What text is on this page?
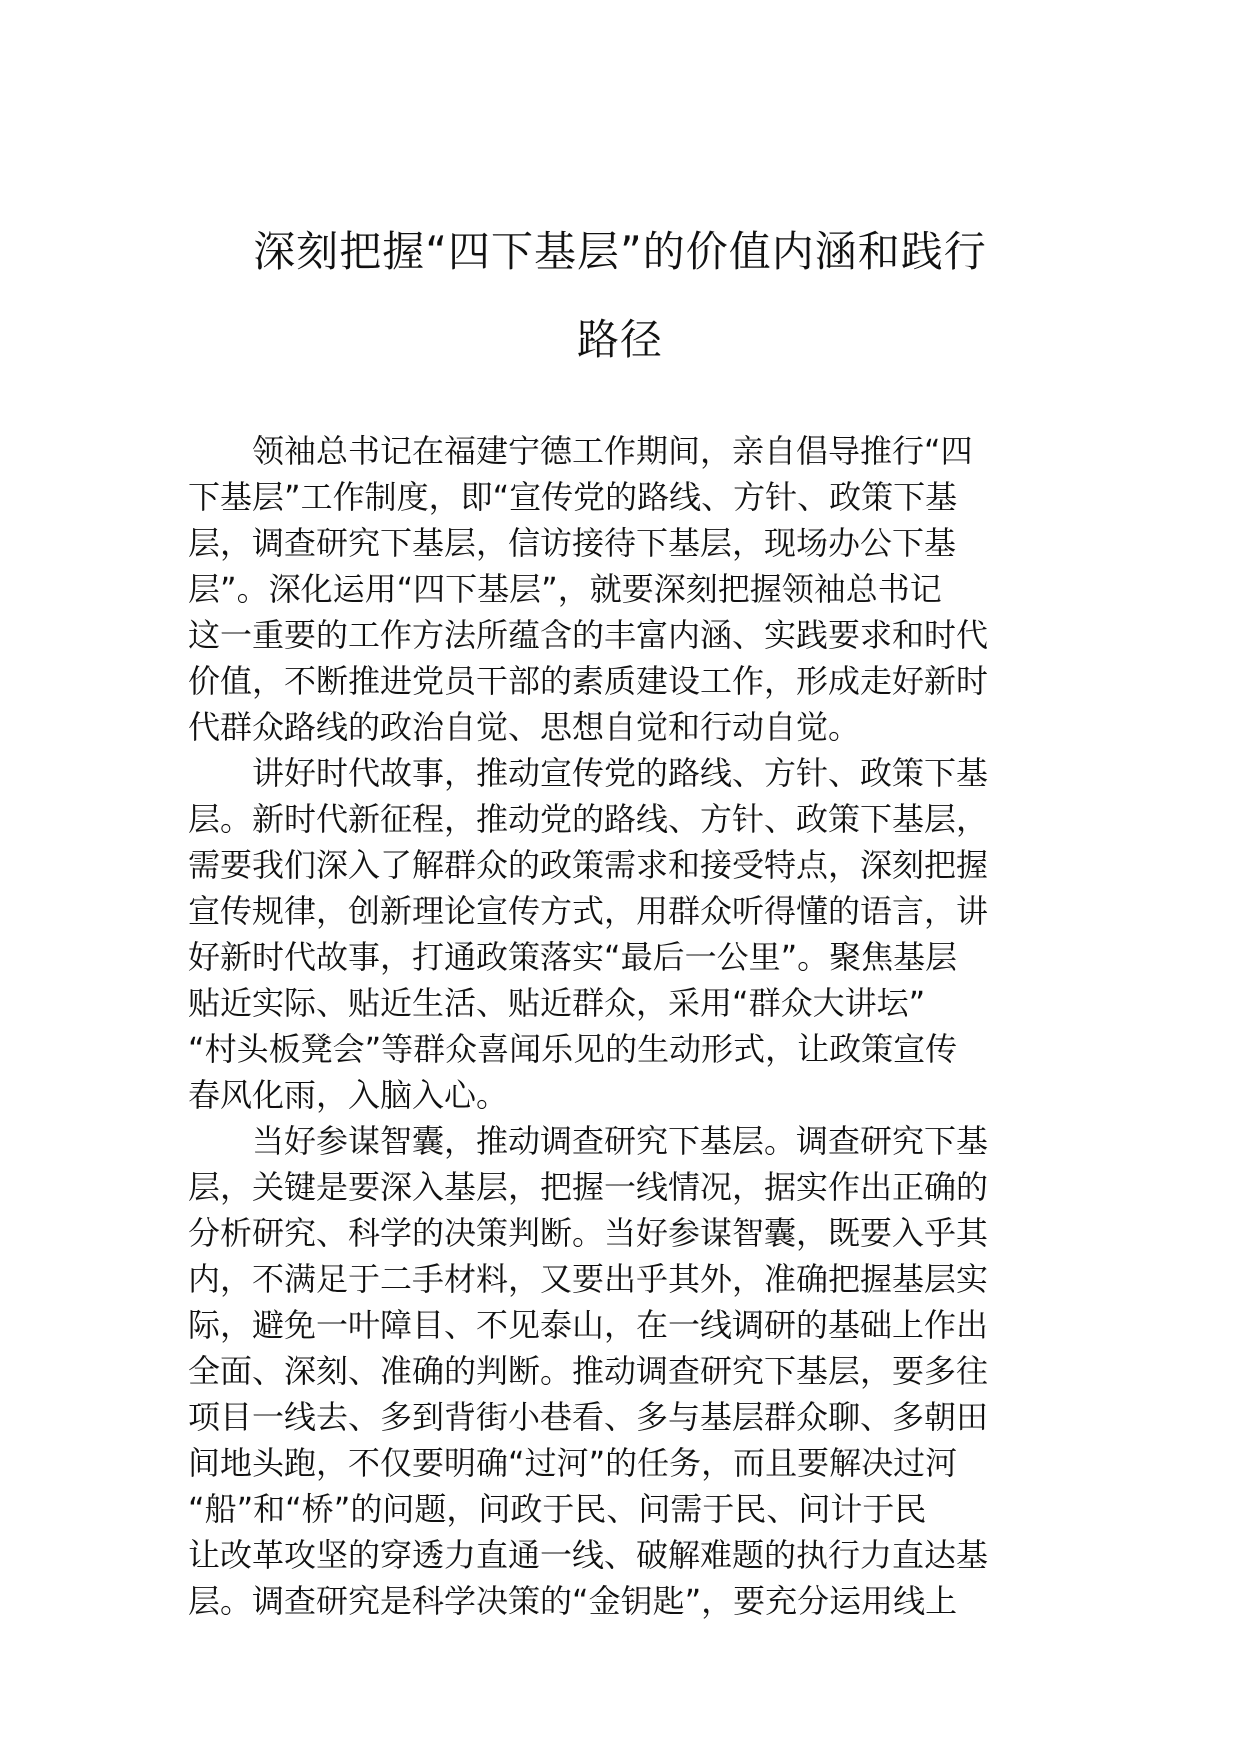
深刻把握“四下基层”的价值内涵和践行
路径

领袖总书记在福建宁德工作期间，亲自倡导推行“四
下基层”工作制度，即“宣传党的路线、方针、政策下基
层，调查研究下基层，信访接待下基层，现场办公下基
层”。深化运用“四下基层”，就要深刻把握领袖总书记
这一重要的工作方法所蕴含的丰富内涵、实践要求和时代
价值，不断推进党员干部的素质建设工作，形成走好新时
代群众路线的政治自觉、思想自觉和行动自觉。

讲好时代故事，推动宣传党的路线、方针、政策下基
层。新时代新征程，推动党的路线、方针、政策下基层，
需要我们深入了解群众的政策需求和接受特点，深刻把握
宣传规律，创新理论宣传方式，用群众听得懂的语言，讲
好新时代故事，打通政策落实“最后一公里”。聚焦基层
贴近实际、贴近生活、贴近群众，采用“群众大讲坛”
“村头板凳会”等群众喜闻乐见的生动形式，让政策宣传
春风化雨，入脑入心。

当好参谋智囊，推动调查研究下基层。调查研究下基
层，关键是要深入基层，把握一线情况，据实作出正确的
分析研究、科学的决策判断。当好参谋智囊，既要入乎其
内，不满足于二手材料，又要出乎其外，准确把握基层实
际，避免一叶障目、不见泰山，在一线调研的基础上作出
全面、深刻、准确的判断。推动调查研究下基层，要多往
项目一线去、多到背街小巷看、多与基层群众聊、多朝田
间地头跑，不仅要明确“过河”的任务，而且要解决过河
“船”和“桥”的问题，问政于民、问需于民、问计于民
让改革攻坚的穿透力直通一线、破解难题的执行力直达基
层。调查研究是科学决策的“金钥匙”，要充分运用线上
